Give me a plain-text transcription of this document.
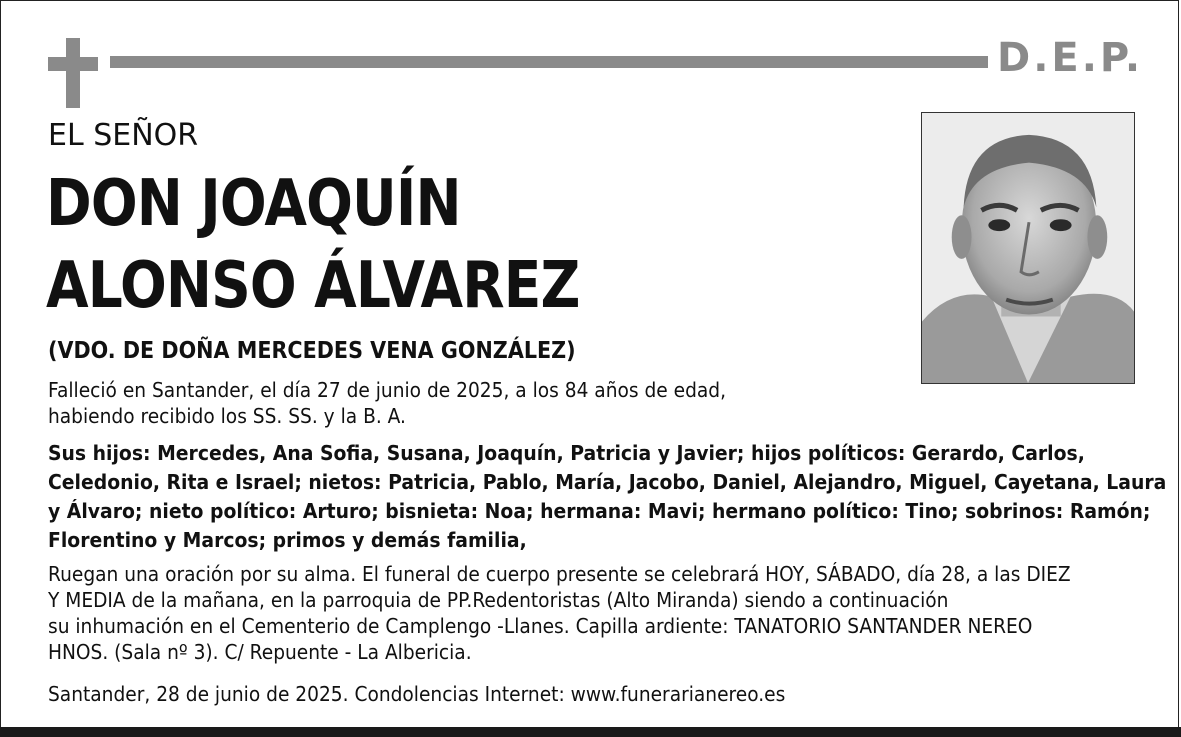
D.E.P.
EL SEÑOR
DON JOAQUÍN
ALONSO ÁLVAREZ
(VDO. DE DOÑA MERCEDES VENA GONZÁLEZ)
Falleció en Santander, el día 27 de junio de 2025, a los 84 años de edad,
habiendo recibido los SS. SS. y la B. A.
Sus hijos: Mercedes, Ana Sofia, Susana, Joaquín, Patricia y Javier; hijos políticos: Gerardo, Carlos,
Celedonio, Rita e Israel; nietos: Patricia, Pablo, María, Jacobo, Daniel, Alejandro, Miguel, Cayetana, Laura
y Álvaro; nieto político: Arturo; bisnieta: Noa; hermana: Mavi; hermano político: Tino; sobrinos: Ramón;
Florentino y Marcos; primos y demás familia,
Ruegan una oración por su alma. El funeral de cuerpo presente se celebrará HOY, SÁBADO, día 28, a las DIEZ
Y MEDIA de la mañana, en la parroquia de PP.Redentoristas (Alto Miranda) siendo a continuación
su inhumación en el Cementerio de Camplengo -Llanes. Capilla ardiente: TANATORIO SANTANDER NEREO
HNOS. (Sala nº 3). C/ Repuente - La Albericia.
Santander, 28 de junio de 2025. Condolencias Internet: www.funerarianereo.es
